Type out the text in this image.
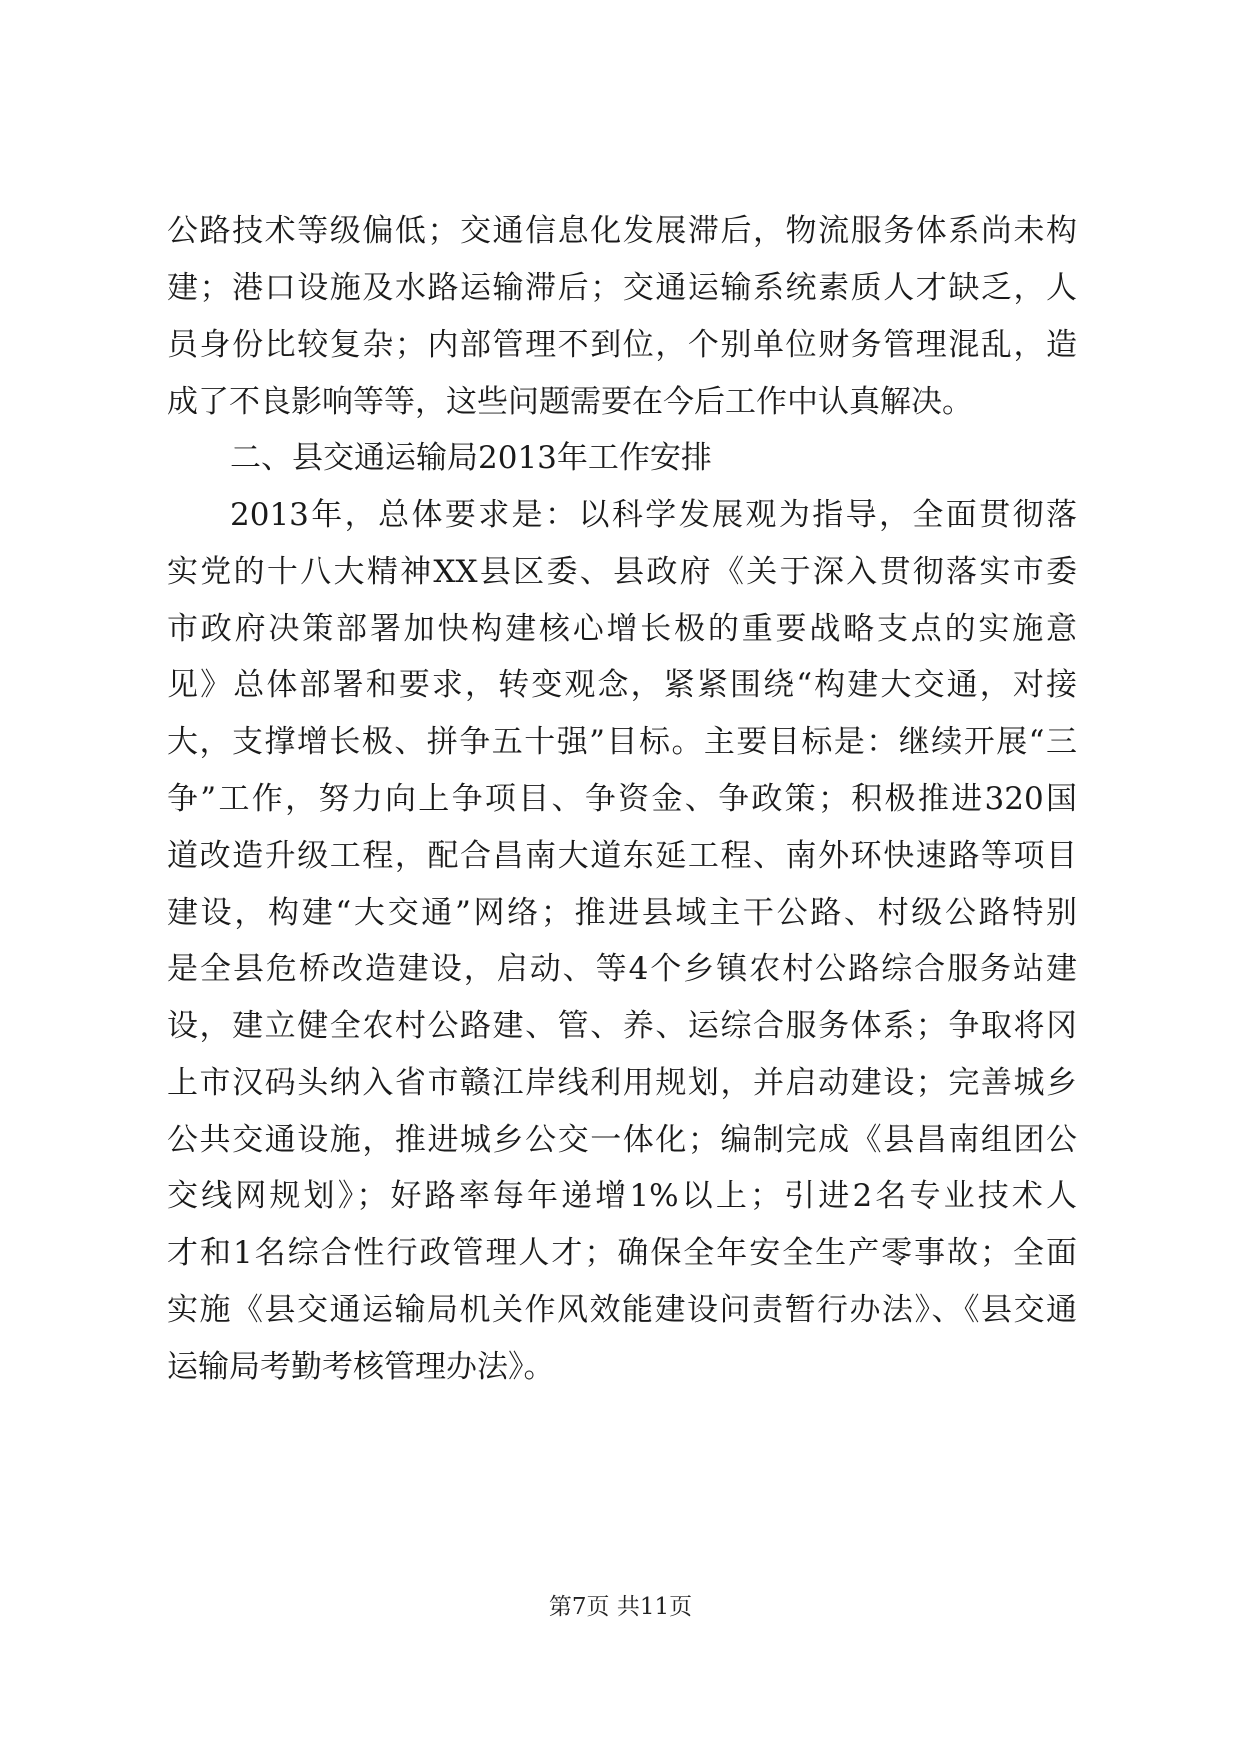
公路技术等级偏低；交通信息化发展滞后，物流服务体系尚未构
建；港口设施及水路运输滞后；交通运输系统素质人才缺乏，人
员身份比较复杂；内部管理不到位，个别单位财务管理混乱，造
成了不良影响等等，这些问题需要在今后工作中认真解决。
二、县交通运输局2013年工作安排
2013年，总体要求是：以科学发展观为指导，全面贯彻落
实党的十八大精神XX县区委、县政府《关于深入贯彻落实市委
市政府决策部署加快构建核心增长极的重要战略支点的实施意
见》总体部署和要求，转变观念，紧紧围绕“构建大交通，对接
大，支撑增长极、拼争五十强”目标。主要目标是：继续开展“三
争”工作，努力向上争项目、争资金、争政策；积极推进320国
道改造升级工程，配合昌南大道东延工程、南外环快速路等项目
建设，构建“大交通”网络；推进县域主干公路、村级公路特别
是全县危桥改造建设，启动、等4个乡镇农村公路综合服务站建
设，建立健全农村公路建、管、养、运综合服务体系；争取将冈
上市汉码头纳入省市赣江岸线利用规划，并启动建设；完善城乡
公共交通设施，推进城乡公交一体化；编制完成《县昌南组团公
交线网规划》；好路率每年递增1%以上；引进2名专业技术人
才和1名综合性行政管理人才；确保全年安全生产零事故；全面
实施《县交通运输局机关作风效能建设问责暂行办法》、《县交通
运输局考勤考核管理办法》。
第7页 共11页
